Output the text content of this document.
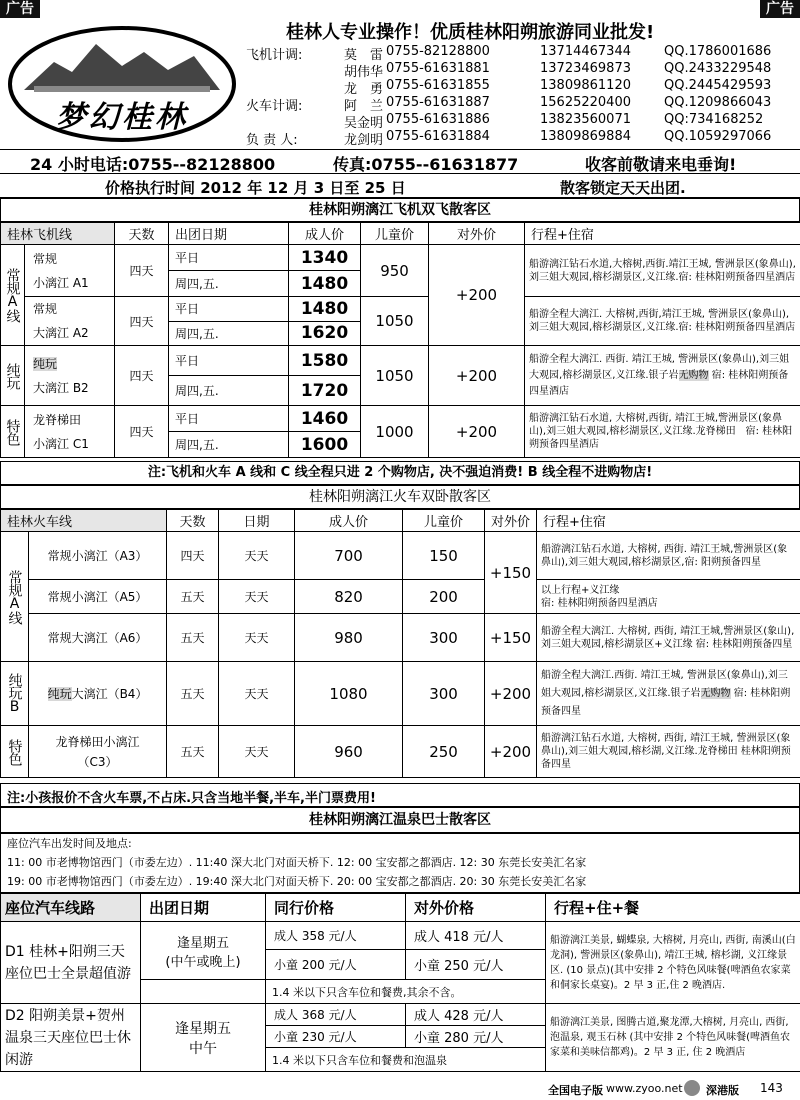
广告	广告
梦幻桂林
桂林人专业操作！优质桂林阳朔旅游同业批发!
飞机计调:	莫　雷 0755-82128800	13714467344	QQ.1786001686
胡伟华 0755-61631881	13723469873	QQ.2433229548
龙　勇 0755-61631855	13809861120	QQ.2445429593
火车计调:	阿　兰 0755-61631887	15625220400	QQ.1209866043
吴金明 0755-61631886	13823560071	QQ:734168252
负 责 人:	龙剑明 0755-61631884	13809869884	QQ.1059297066
24 小时电话:0755--82128800	传真:0755--61631877	收客前敬请来电垂询!
价格执行时间 2012 年 12 月 3 日至 25 日	散客锁定天天出团.
桂林阳朔漓江飞机双飞散客区
桂林飞机线		天数	出团日期	成人价	儿童价	对外价	行程+住宿
常规A线	常规
小漓江 A1	四天	平日	1340	950	+200	船游漓江钻石水道,大榕树,西街.靖江王城, 訾洲景区(象鼻山),刘三姐大观园,榕杉湖景区,义江缘.宿: 桂林阳朔预备四星酒店
			周四,五.	1480			

	常规
大漓江 A2	四天	平日	1480	1050		船游全程大漓江. 大榕树,西街,靖江王城, 訾洲景区(象鼻山),刘三姐大观园,榕杉湖景区,义江缘.宿: 桂林阳朔预备四星酒店
			周四,五.	1620			
纯玩	纯玩
大漓江 B2	四天	平日	1580	1050	+200	船游全程大漓江. 西街. 靖江王城, 訾洲景区(象鼻山),刘三姐大观园,榕杉湖景区,义江缘.银子岩无购物 宿: 桂林阳朔预备四星酒店
			周四,五.	1720			
特色	龙脊梯田
小漓江 C1	四天	平日	1460	1000	+200	船游漓江钻石水道, 大榕树,西街, 靖江王城,訾洲景区(象鼻山),刘三姐大观园,榕杉湖景区,义江缘.龙脊梯田　宿: 桂林阳朔预备四星酒店
			周四,五.	1600			
注:飞机和火车 A 线和 C 线全程只进 2 个购物店, 决不强迫消费! B 线全程不进购物店!
桂林阳朔漓江火车双卧散客区
桂林火车线		天数	日期	成人价	儿童价	对外价	行程+住宿
常规A线	常规小漓江（A3）	四天	天天	700	150	+150	船游漓江钻石水道, 大榕树, 西街. 靖江王城,訾洲景区(象鼻山),刘三姐大观园,榕杉湖景区,宿: 阳朔预备四星
	常规小漓江（A5）	五天	天天	820	200		以上行程+义江缘
宿: 桂林阳朔预备四星酒店
	常规大漓江（A6）	五天	天天	980	300	+150	船游全程大漓江. 大榕树, 西街, 靖江王城,訾洲景区(象山),刘三姐大观园,榕杉湖景区+义江缘 宿: 桂林阳朔预备四星
纯玩B	纯玩大漓江（B4）	五天	天天	1080	300	+200	船游全程大漓江.西街. 靖江王城, 訾洲景区(象鼻山),刘三姐大观园,榕杉湖景区,义江缘.银子岩无购物 宿: 桂林阳朔预备四星
特色	龙脊梯田小漓江
（C3）	五天	天天	960	250	+200	船游漓江钻石水道, 大榕树, 西街, 靖江王城, 訾洲景区(象鼻山),刘三姐大观园,榕杉湖,义江缘.龙脊梯田 桂林阳朔预备四星
注:小孩报价不含火车票,不占床.只含当地半餐,半车,半门票费用!
桂林阳朔漓江温泉巴士散客区
座位汽车出发时间及地点:
11: 00 市老博物馆西门（市委左边）. 11:40 深大北门对面天桥下. 12: 00 宝安都之都酒店. 12: 30 东莞长安美汇名家
19: 00 市老博物馆西门（市委左边）. 19:40 深大北门对面天桥下. 20: 00 宝安都之都酒店. 20: 30 东莞长安美汇名家
座位汽车线路	出团日期	同行价格	对外价格	行程+住+餐
D1 桂林+阳朔三天座位巴士全景超值游	逢星期五
(中午或晚上)	成人 358 元/人	成人 418 元/人	船游漓江美景, 蝴蝶泉, 大榕树, 月亮山, 西街, 南溪山(白龙洞), 訾洲景区(象鼻山), 靖江王城, 榕杉湖, 义江缘景区. (10 景点)(其中安排 2 个特色风味餐(啤酒鱼农家菜和侗家长桌宴)。2 早 3 正,住 2 晚酒店.
		小童 200 元/人	小童 250 元/人	
		1.4 米以下只含车位和餐费,其余不含。		
D2 阳朔美景+贺州温泉三天座位巴士休闲游	逢星期五
中午	成人 368 元/人	成人 428 元/人	船游漓江美景, 图腾古道,聚龙潭,大榕树, 月亮山, 西街, 泡温泉, 观玉石林 (其中安排 2 个特色风味餐(啤酒鱼农家菜和美味信都鸡)。2 早 3 正, 住 2 晚酒店
		小童 230 元/人	小童 280 元/人	
		1.4 米以下只含车位和餐费和泡温泉		
全国电子版 www.zyoo.net 深港版 143
